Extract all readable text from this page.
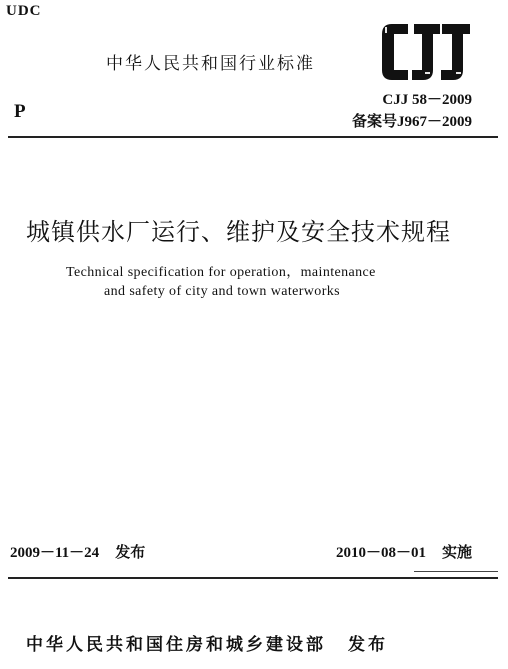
UDC
中华人民共和国行业标准
P
CJJ 58－2009
备案号J967－2009
城镇供水厂运行、维护及安全技术规程
Technical specification for operation，maintenance
and safety of city and town waterworks
2009－11－24 发布	2010－08－01 实施
中华人民共和国住房和城乡建设部 发布
